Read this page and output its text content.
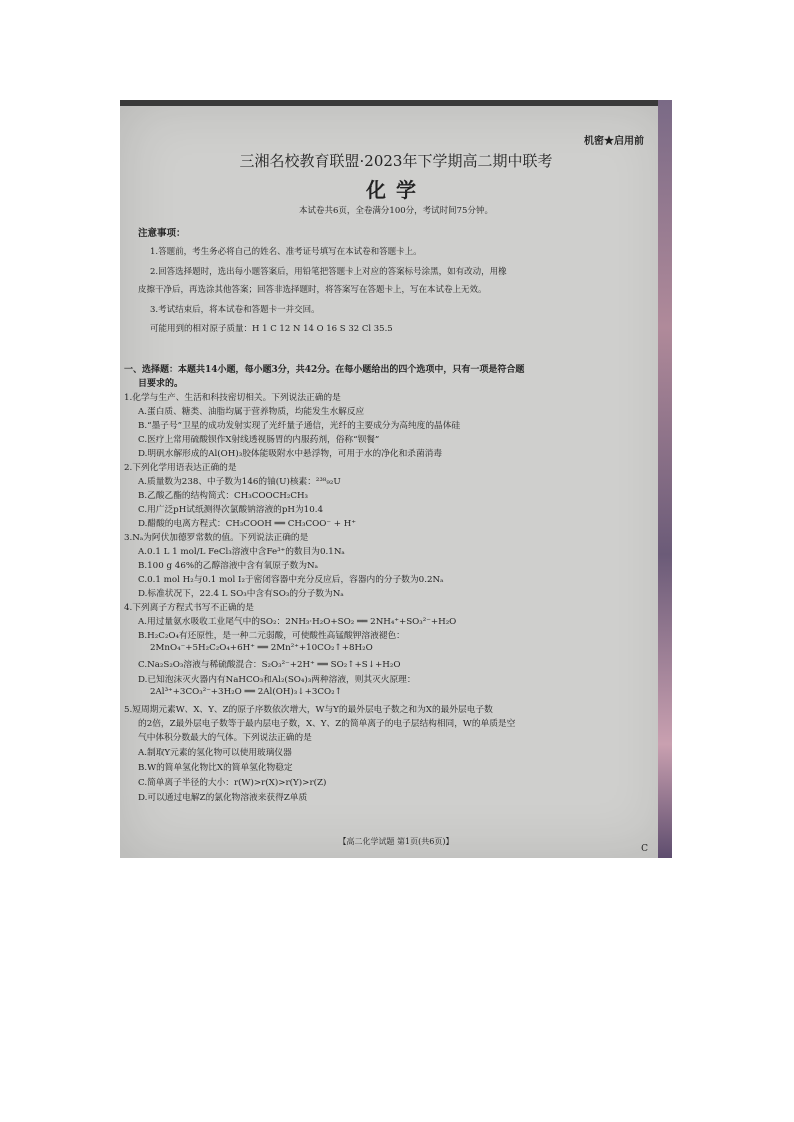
机密★启用前
三湘名校教育联盟·2023年下学期高二期中联考
化学
本试卷共6页，全卷满分100分，考试时间75分钟。
注意事项：
1.答题前，考生务必将自己的姓名、准考证号填写在本试卷和答题卡上。
2.回答选择题时，选出每小题答案后，用铅笔把答题卡上对应的答案标号涂黑，如有改动，用橡
皮擦干净后，再选涂其他答案；回答非选择题时，将答案写在答题卡上，写在本试卷上无效。
3.考试结束后，将本试卷和答题卡一并交回。
可能用到的相对原子质量：H 1 C 12 N 14 O 16 S 32 Cl 35.5
一、选择题：本题共14小题，每小题3分，共42分。在每小题给出的四个选项中，只有一项是符合题
目要求的。
1.化学与生产、生活和科技密切相关。下列说法正确的是
A.蛋白质、糖类、油脂均属于营养物质，均能发生水解反应
B.“墨子号”卫星的成功发射实现了光纤量子通信，光纤的主要成分为高纯度的晶体硅
C.医疗上常用硫酸钡作X射线透视肠胃的内服药剂，俗称“钡餐”
D.明矾水解形成的Al(OH)₃胶体能吸附水中悬浮物，可用于水的净化和杀菌消毒
2.下列化学用语表达正确的是
A.质量数为238、中子数为146的铀(U)核素：²³⁸₉₂U
B.乙酸乙酯的结构简式：CH₃COOCH₂CH₃
C.用广泛pH试纸测得次氯酸钠溶液的pH为10.4
D.醋酸的电离方程式：CH₃COOH ══ CH₃COO⁻ + H⁺
3.Nₐ为阿伏加德罗常数的值。下列说法正确的是
A.0.1 L 1 mol/L FeCl₃溶液中含Fe³⁺的数目为0.1Nₐ
B.100 g 46%的乙醇溶液中含有氧原子数为Nₐ
C.0.1 mol H₂与0.1 mol I₂于密闭容器中充分反应后，容器内的分子数为0.2Nₐ
D.标准状况下，22.4 L SO₃中含有SO₃的分子数为Nₐ
4.下列离子方程式书写不正确的是
A.用过量氨水吸收工业尾气中的SO₂：2NH₃·H₂O+SO₂ ══ 2NH₄⁺+SO₃²⁻+H₂O
B.H₂C₂O₄有还原性，是一种二元弱酸，可使酸性高锰酸钾溶液褪色：
2MnO₄⁻+5H₂C₂O₄+6H⁺ ══ 2Mn²⁺+10CO₂↑+8H₂O
C.Na₂S₂O₃溶液与稀硫酸混合：S₂O₃²⁻+2H⁺ ══ SO₂↑+S↓+H₂O
D.已知泡沫灭火器内有NaHCO₃和Al₂(SO₄)₃两种溶液，则其灭火原理：
2Al³⁺+3CO₃²⁻+3H₂O ══ 2Al(OH)₃↓+3CO₂↑
5.短周期元素W、X、Y、Z的原子序数依次增大，W与Y的最外层电子数之和为X的最外层电子数
的2倍，Z最外层电子数等于最内层电子数，X、Y、Z的简单离子的电子层结构相同，W的单质是空
气中体积分数最大的气体。下列说法正确的是
A.制取Y元素的氢化物可以使用玻璃仪器
B.W的简单氢化物比X的简单氢化物稳定
C.简单离子半径的大小：r(W)>r(X)>r(Y)>r(Z)
D.可以通过电解Z的氯化物溶液来获得Z单质
【高二化学试题 第1页(共6页)】
C
